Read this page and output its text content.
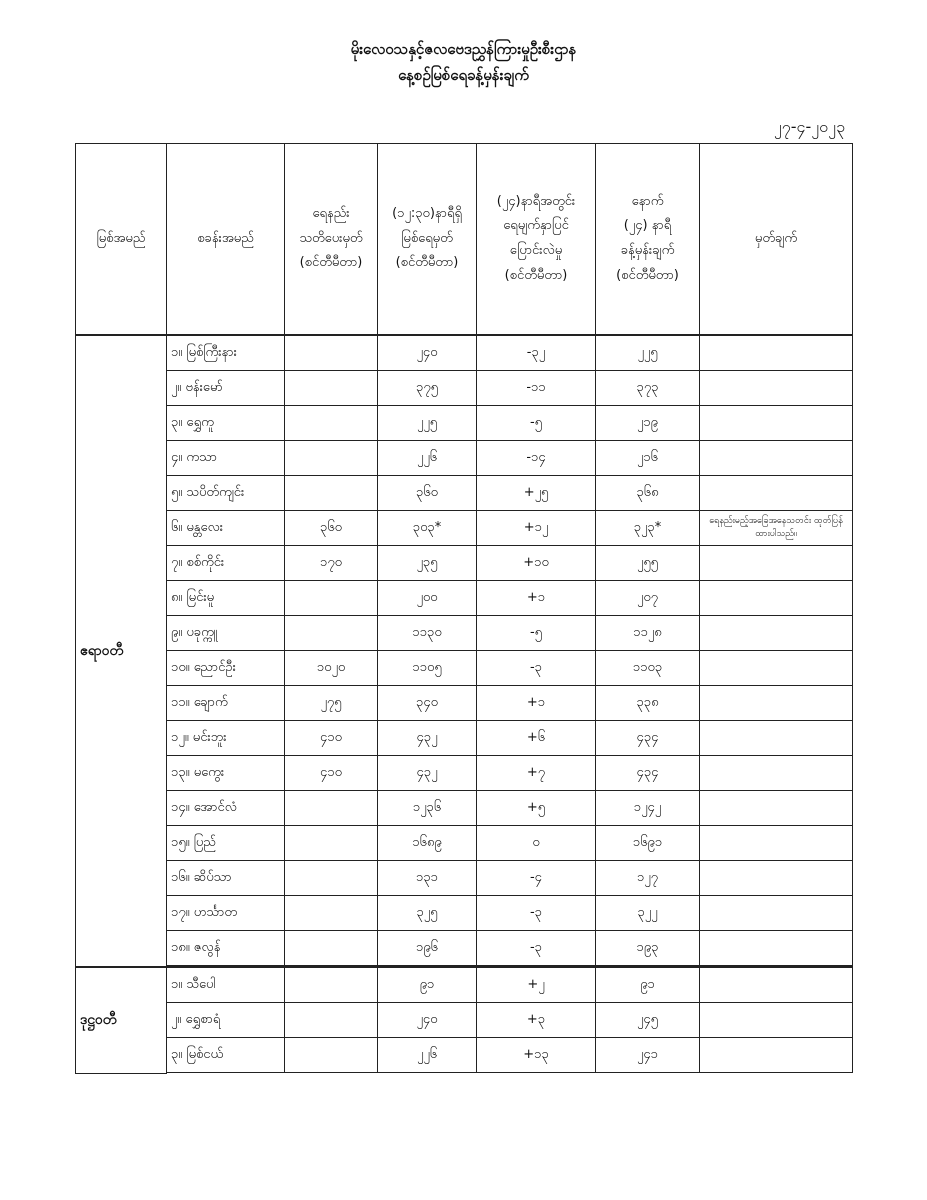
မိုးလေဝသနှင့်ဇလဗေဒညွှန်ကြားမှုဦးစီးဌာန
နေ့စဉ်မြစ်ရေခန့်မှန်းချက်
၂၇-၄-၂၀၂၃
မြစ်အမည်	စခန်းအမည်	ရေနည်း
သတိပေးမှတ်
(စင်တီမီတာ)	(၁၂:၃၀)နာရီရှိ
မြစ်ရေမှတ်
(စင်တီမီတာ)	(၂၄)နာရီအတွင်း
ရေမျက်နှာပြင်
ပြောင်းလဲမှု
(စင်တီမီတာ)	နောက်
(၂၄) နာရီ
ခန့်မှန်းချက်
(စင်တီမီတာ)	မှတ်ချက်
ဧရာဝတီ	၁။ မြစ်ကြီးနား		၂၄၀	-၃၂	၂၂၅	
	၂။ ဗန်းမော်		၃၇၅	-၁၁	၃၇၃	
	၃။ ရွှေကူ		၂၂၅	-၅	၂၁၉	
	၄။ ကသာ		၂၂၆	-၁၄	၂၁၆	
	၅။ သပိတ်ကျင်း		၃၆၀	+၂၅	၃၆၈	
	၆။ မန္တလေး	၃၆၀	၃၀၃*	+၁၂	၃၂၃*	ရေနည်းမည့်အခြေအနေသတင်း ထုတ်ပြန်ထားပါသည်။
	၇။ စစ်ကိုင်း	၁၇၀	၂၃၅	+၁၀	၂၅၅	
	၈။ မြင်းမူ		၂၀၀	+၁	၂၀၇	
	၉။ ပခုက္ကူ		၁၁၃၀	-၅	၁၁၂၈	
	၁၀။ ညောင်ဦး	၁၀၂၀	၁၁၀၅	-၃	၁၁၀၃	
	၁၁။ ချောက်	၂၇၅	၃၄၀	+၁	၃၃၈	
	၁၂။ မင်းဘူး	၄၁၀	၄၃၂	+၆	၄၃၄	
	၁၃။ မကွေး	၄၁၀	၄၃၂	+၇	၄၃၄	
	၁၄။ အောင်လံ		၁၂၃၆	+၅	၁၂၄၂	
	၁၅။ ပြည်		၁၆၈၉	၀	၁၆၉၁	
	၁၆။ ဆိပ်သာ		၁၃၁	-၄	၁၂၇	
	၁၇။ ဟင်္သာတ		၃၂၅	-၃	၃၂၂	
	၁၈။ ဇလွန်		၁၉၆	-၃	၁၉၃	

ဒုဋ္ဌဝတီ	၁။ သီပေါ		၉၁	+၂	၉၁	
	၂။ ရွှေစာရံ		၂၄၀	+၃	၂၄၅	
	၃။ မြစ်ငယ်		၂၂၆	+၁၃	၂၄၁	
